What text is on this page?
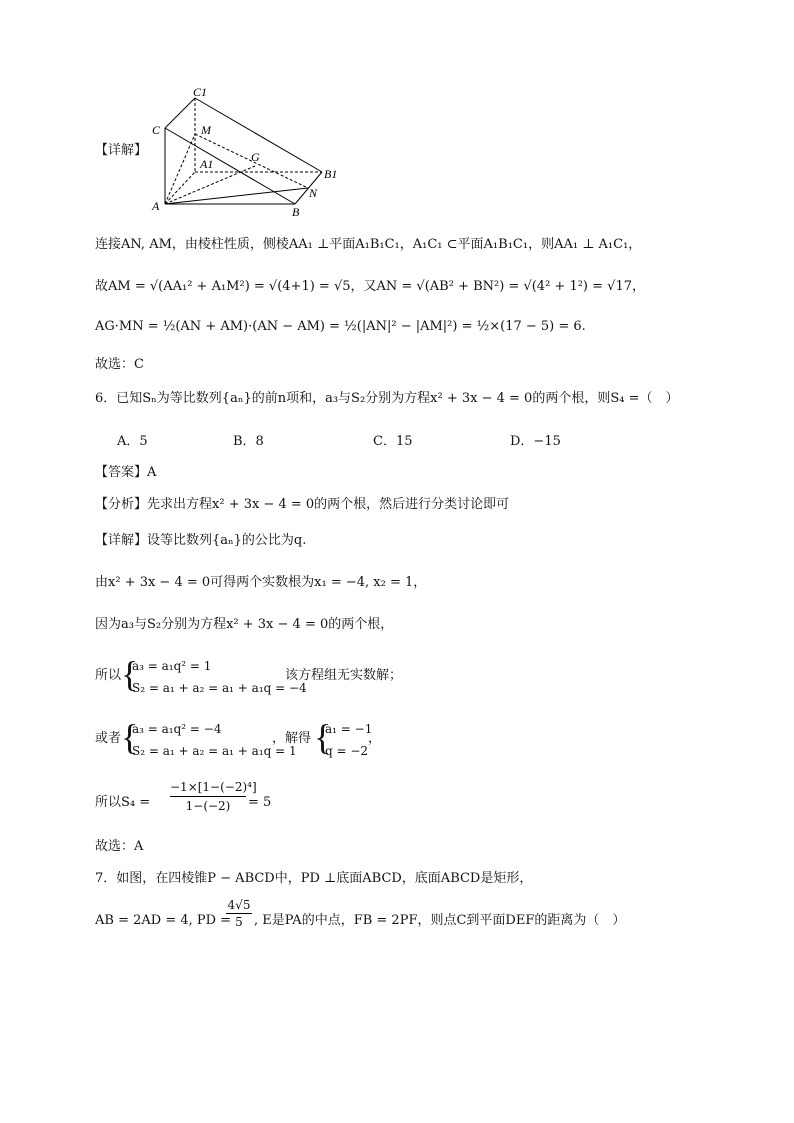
【详解】
C1
C	M
A1	G
B1
N
A	B
连接AN, AM，由棱柱性质，侧棱AA₁ ⊥平面A₁B₁C₁，A₁C₁ ⊂平面A₁B₁C₁，则AA₁ ⊥ A₁C₁，
故AM = √(AA₁² + A₁M²) = √(4+1) = √5，又AN = √(AB² + BN²) = √(4² + 1²) = √17，
AG·MN = ½(AN + AM)·(AN − AM) = ½(|AN|² − |AM|²) = ½×(17 − 5) = 6.
故选：C
6．已知Sₙ为等比数列{aₙ}的前n项和，a₃与S₂分别为方程x² + 3x − 4 = 0的两个根，则S₄ =（　）
A．5	B．8	C．15	D．−15
【答案】A
【分析】先求出方程x² + 3x − 4 = 0的两个根，然后进行分类讨论即可
【详解】设等比数列{aₙ}的公比为q.
由x² + 3x − 4 = 0可得两个实数根为x₁ = −4, x₂ = 1，
因为a₃与S₂分别为方程x² + 3x − 4 = 0的两个根，
所以 {
a₃ = a₁q² = 1
S₂ = a₁ + a₂ = a₁ + a₁q = −4
该方程组无实数解；
或者 {
a₃ = a₁q² = −4
S₂ = a₁ + a₂ = a₁ + a₁q = 1
，解得 {
a₁ = −1
q = −2
，
所以$S_4 = \frac{\text{−1×[1−(−2)⁴]}}{1-(-2)} = 5$
故选：A
7．如图，在四棱锥P − ABCD中，PD ⊥底面ABCD，底面ABCD是矩形，
AB = 2AD = 4, PD =
$\frac{4√5}{5}$ , E是PA的中点，FB = 2PF，则点C到平面DEF的距离为（　）
